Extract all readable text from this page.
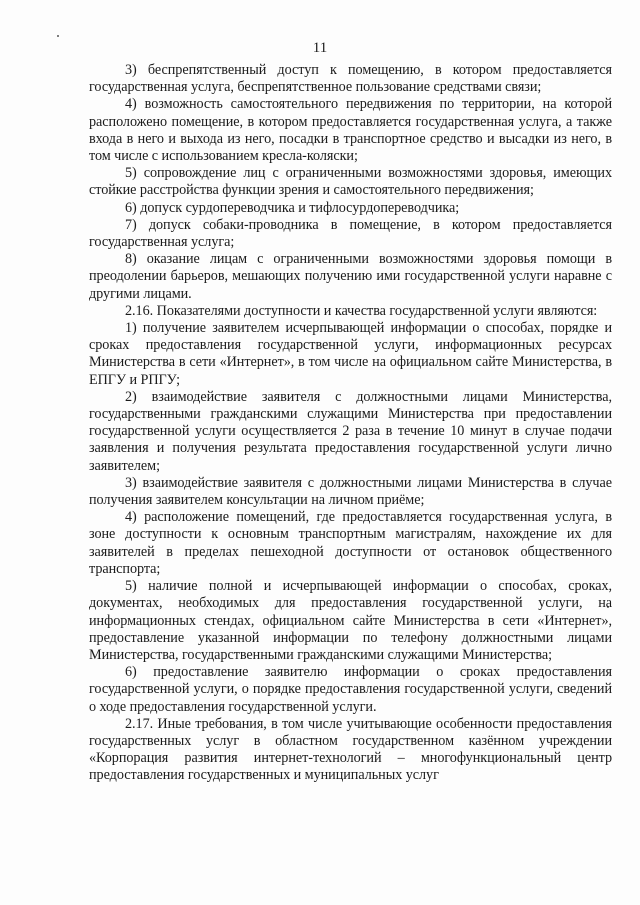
11

3) беспрепятственный доступ к помещению, в котором предоставляется государственная услуга, беспрепятственное пользование средствами связи;

4) возможность самостоятельного передвижения по территории, на которой расположено помещение, в котором предоставляется государственная услуга, а также входа в него и выхода из него, посадки в транспортное средство и высадки из него, в том числе с использованием кресла-коляски;

5) сопровождение лиц с ограниченными возможностями здоровья, имеющих стойкие расстройства функции зрения и самостоятельного передвижения;

6) допуск сурдопереводчика и тифлосурдопереводчика;

7) допуск собаки-проводника в помещение, в котором предоставляется государственная услуга;

8) оказание лицам с ограниченными возможностями здоровья помощи в преодолении барьеров, мешающих получению ими государственной услуги наравне с другими лицами.

2.16. Показателями доступности и качества государственной услуги являются:

1) получение заявителем исчерпывающей информации о способах, порядке и сроках предоставления государственной услуги, информационных ресурсах Министерства в сети «Интернет», в том числе на официальном сайте Министерства, в ЕПГУ и РПГУ;

2) взаимодействие заявителя с должностными лицами Министерства, государственными гражданскими служащими Министерства при предоставлении государственной услуги осуществляется 2 раза в течение 10 минут в случае подачи заявления и получения результата предоставления государственной услуги лично заявителем;

3) взаимодействие заявителя с должностными лицами Министерства в случае получения заявителем консультации на личном приёме;

4) расположение помещений, где предоставляется государственная услуга, в зоне доступности к основным транспортным магистралям, нахождение их для заявителей в пределах пешеходной доступности от остановок общественного транспорта;

5) наличие полной и исчерпывающей информации о способах, сроках, документах, необходимых для предоставления государственной услуги, на информационных стендах, официальном сайте Министерства в сети «Интернет», предоставление указанной информации по телефону должностными лицами Министерства, государственными гражданскими служащими Министерства;

6) предоставление заявителю информации о сроках предоставления государственной услуги, о порядке предоставления государственной услуги, сведений о ходе предоставления государственной услуги.

2.17. Иные требования, в том числе учитывающие особенности предоставления государственных услуг в областном государственном казённом учреждении «Корпорация развития интернет-технологий – многофункциональный центр предоставления государственных и муниципальных услуг
